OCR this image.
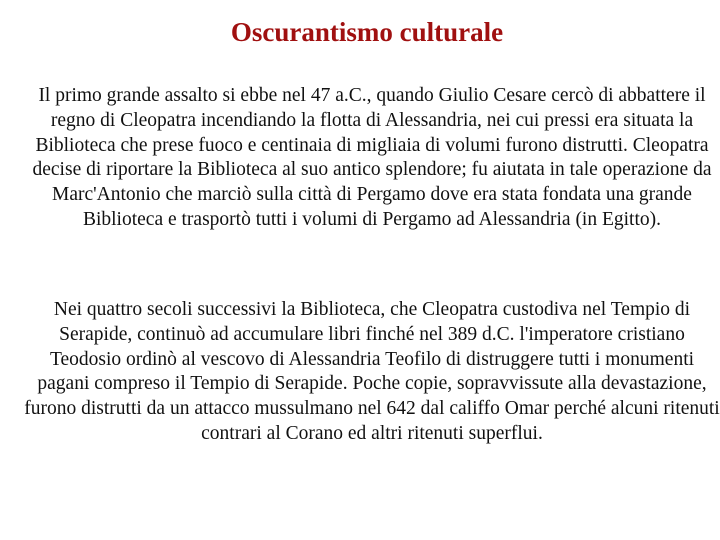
Oscurantismo culturale

Il primo grande assalto si ebbe nel 47 a.C., quando Giulio Cesare cercò di abbattere il regno di Cleopatra incendiando la flotta di Alessandria, nei cui pressi era situata la Biblioteca che prese fuoco e centinaia di migliaia di volumi furono distrutti. Cleopatra decise di riportare la Biblioteca al suo antico splendore; fu aiutata in tale operazione da Marc'Antonio che marciò sulla città di Pergamo dove era stata fondata una grande Biblioteca e trasportò tutti i volumi di Pergamo ad Alessandria (in Egitto).

Nei quattro secoli successivi la Biblioteca, che Cleopatra custodiva nel Tempio di Serapide, continuò ad accumulare libri finché nel 389 d.C. l'imperatore cristiano Teodosio ordinò al vescovo di Alessandria Teofilo di distruggere tutti i monumenti pagani compreso il Tempio di Serapide. Poche copie, sopravvissute alla devastazione, furono distrutti da un attacco mussulmano nel 642 dal califfo Omar perché alcuni ritenuti contrari al Corano ed altri ritenuti superflui.
